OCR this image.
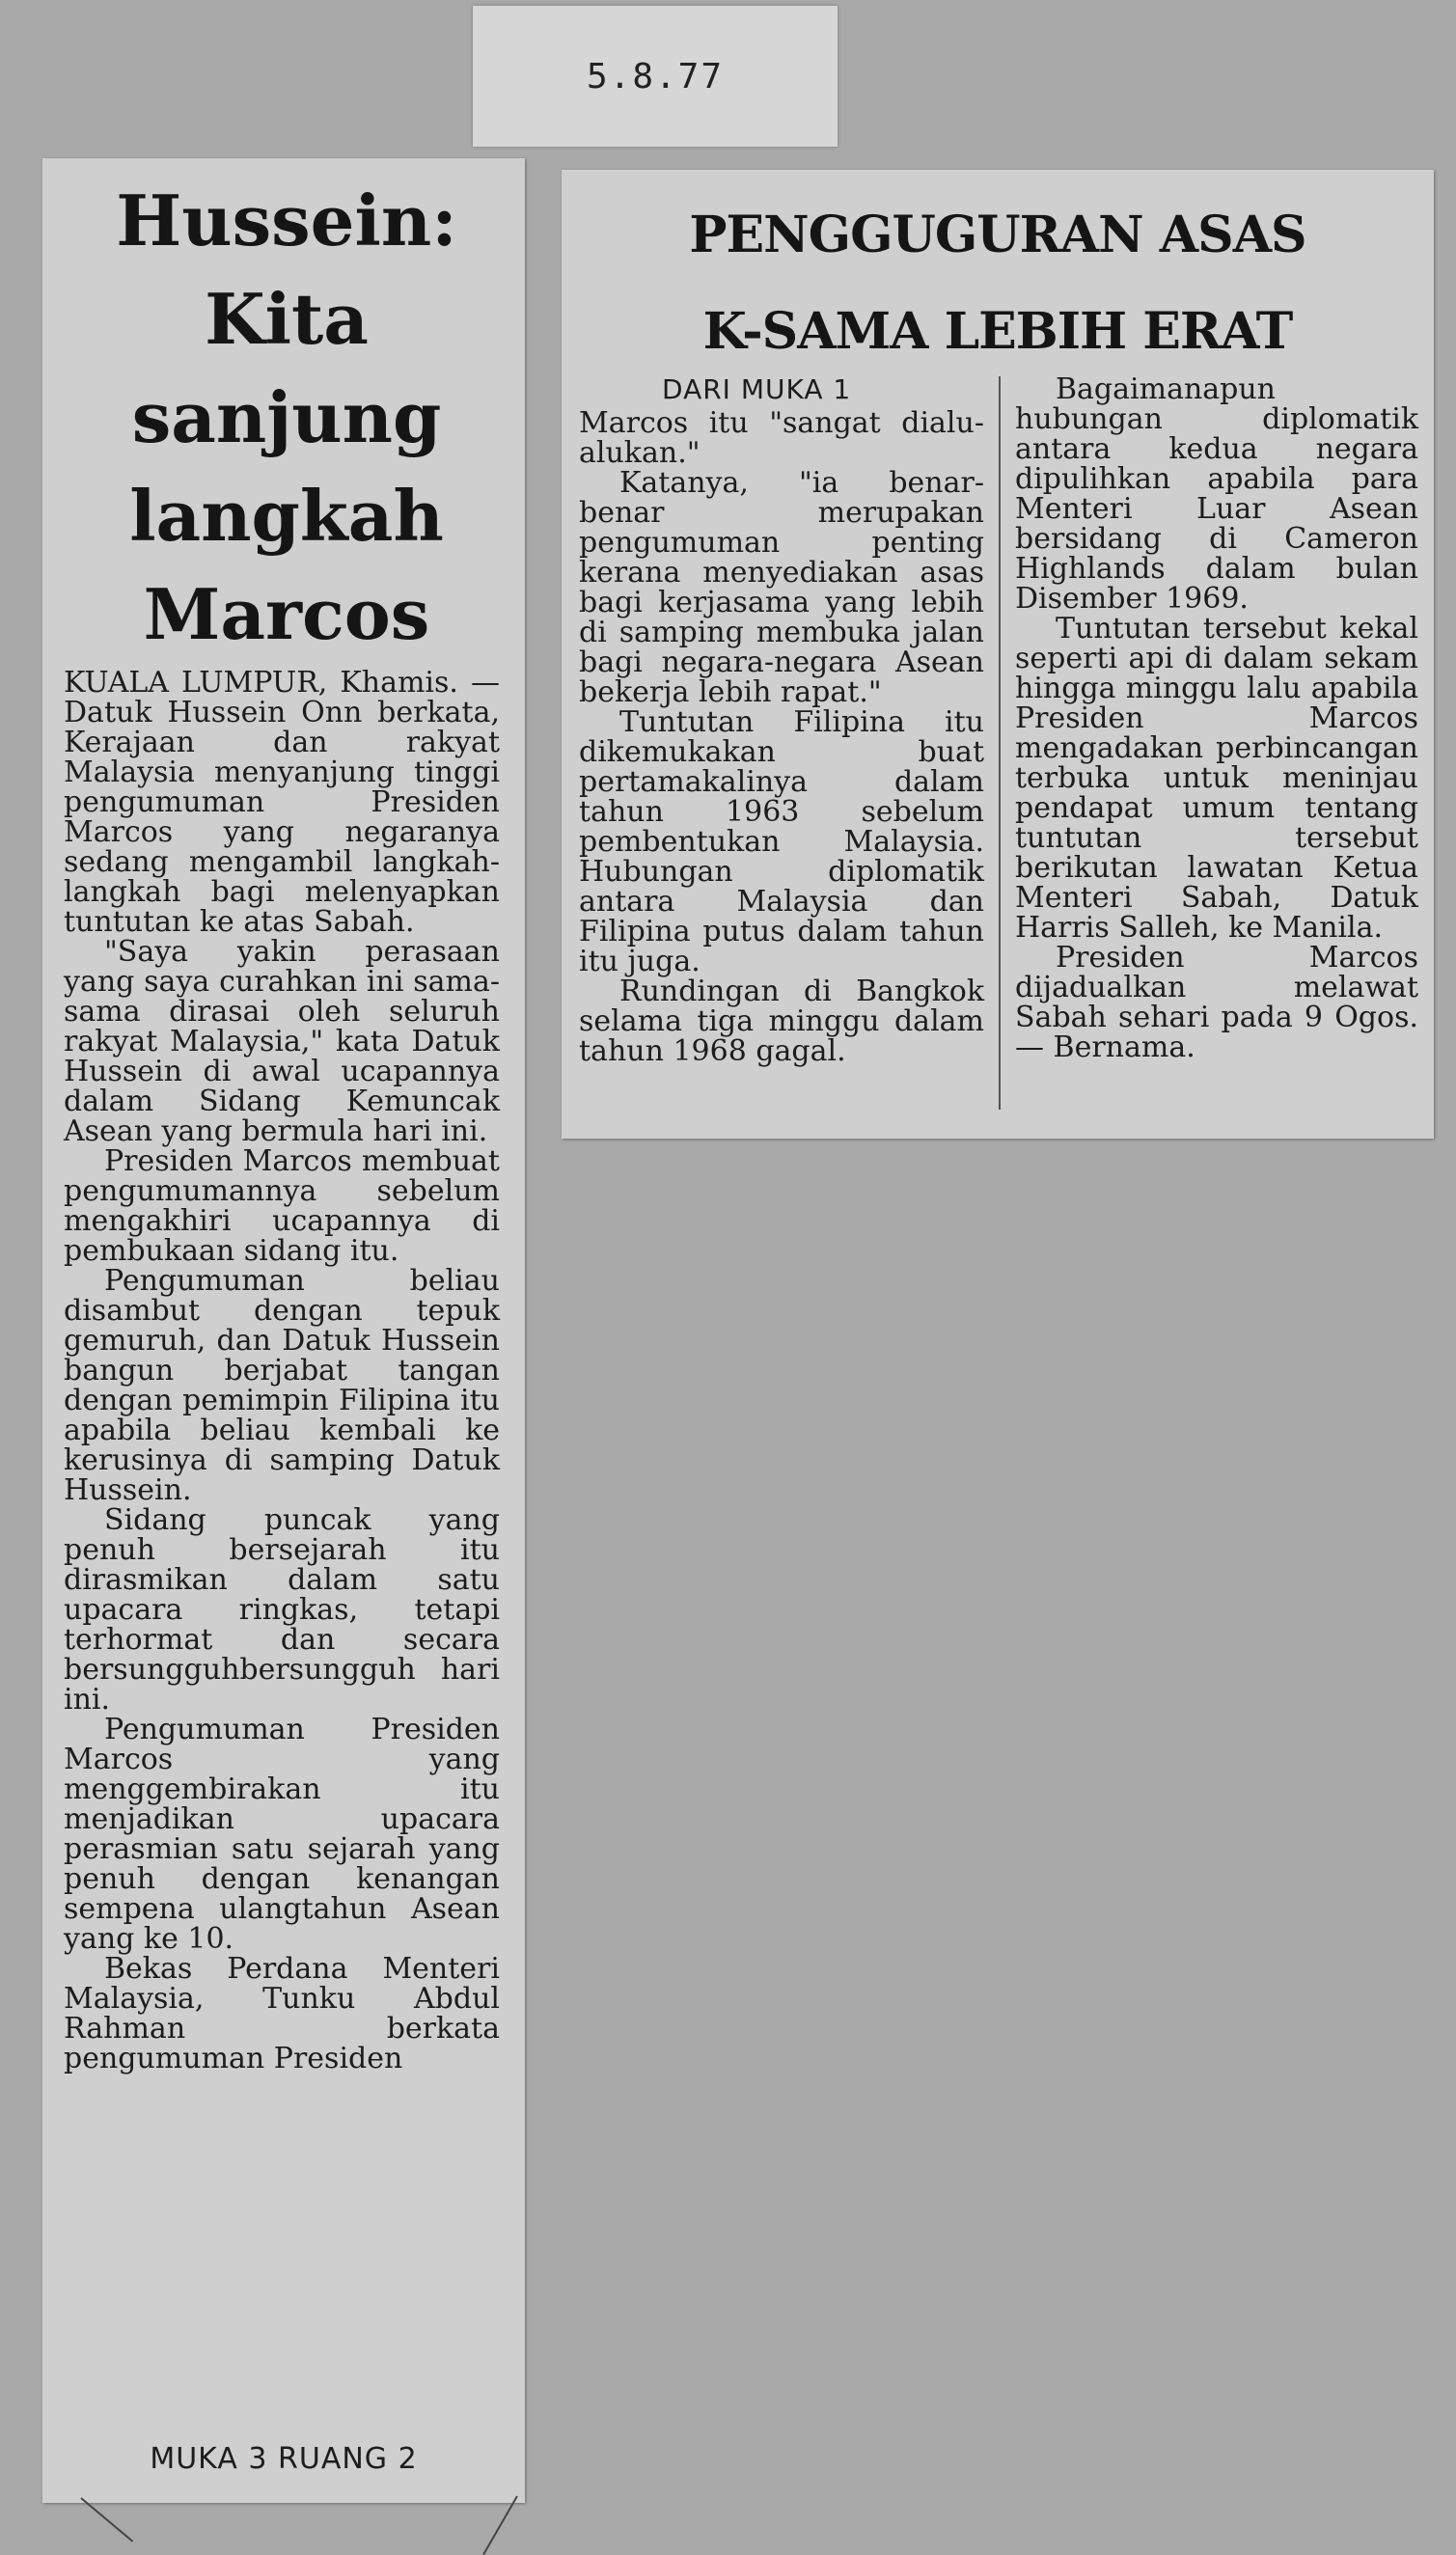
5.8.77
Hussein:
Kita
sanjung
langkah
Marcos

KUALA LUMPUR, Khamis. — Datuk Hussein Onn berkata, Kerajaan dan rakyat Malaysia menyanjung tinggi pengumuman Presiden Marcos yang negaranya sedang mengambil langkah-langkah bagi melenyapkan tuntutan ke atas Sabah.

"Saya yakin perasaan yang saya curahkan ini sama-sama dirasai oleh seluruh rakyat Malaysia," kata Datuk Hussein di awal ucapannya dalam Sidang Kemuncak Asean yang bermula hari ini.

Presiden Marcos membuat pengumumannya sebelum mengakhiri ucapannya di pembukaan sidang itu.

Pengumuman beliau disambut dengan tepuk gemuruh, dan Datuk Hussein bangun berjabat tangan dengan pemimpin Filipina itu apabila beliau kembali ke kerusinya di samping Datuk Hussein.

Sidang puncak yang penuh bersejarah itu dirasmikan dalam satu upacara ringkas, tetapi terhormat dan secara bersungguhbersungguh hari ini.

Pengumuman Presiden Marcos yang menggembirakan itu menjadikan upacara perasmian satu sejarah yang penuh dengan kenangan sempena ulangtahun Asean yang ke 10.

Bekas Perdana Menteri Malaysia, Tunku Abdul Rahman berkata pengumuman Presiden

MUKA 3 RUANG 2
PENGGUGURAN ASAS
K-SAMA LEBIH ERAT
DARI MUKA 1

Marcos itu "sangat dialu-alukan."

Katanya, "ia benar-benar merupakan pengumuman penting kerana menyediakan asas bagi kerjasama yang lebih di samping membuka jalan bagi negara-negara Asean bekerja lebih rapat."

Tuntutan Filipina itu dikemukakan buat pertamakalinya dalam tahun 1963 sebelum pembentukan Malaysia. Hubungan diplomatik antara Malaysia dan Filipina putus dalam tahun itu juga.

Rundingan di Bangkok selama tiga minggu dalam tahun 1968 gagal.

Bagaimanapun hubungan diplomatik antara kedua negara dipulihkan apabila para Menteri Luar Asean bersidang di Cameron Highlands dalam bulan Disember 1969.

Tuntutan tersebut kekal seperti api di dalam sekam hingga minggu lalu apabila Presiden Marcos mengadakan perbincangan terbuka untuk meninjau pendapat umum tentang tuntutan tersebut berikutan lawatan Ketua Menteri Sabah, Datuk Harris Salleh, ke Manila.

Presiden Marcos dijadualkan melawat Sabah sehari pada 9 Ogos. — Bernama.
